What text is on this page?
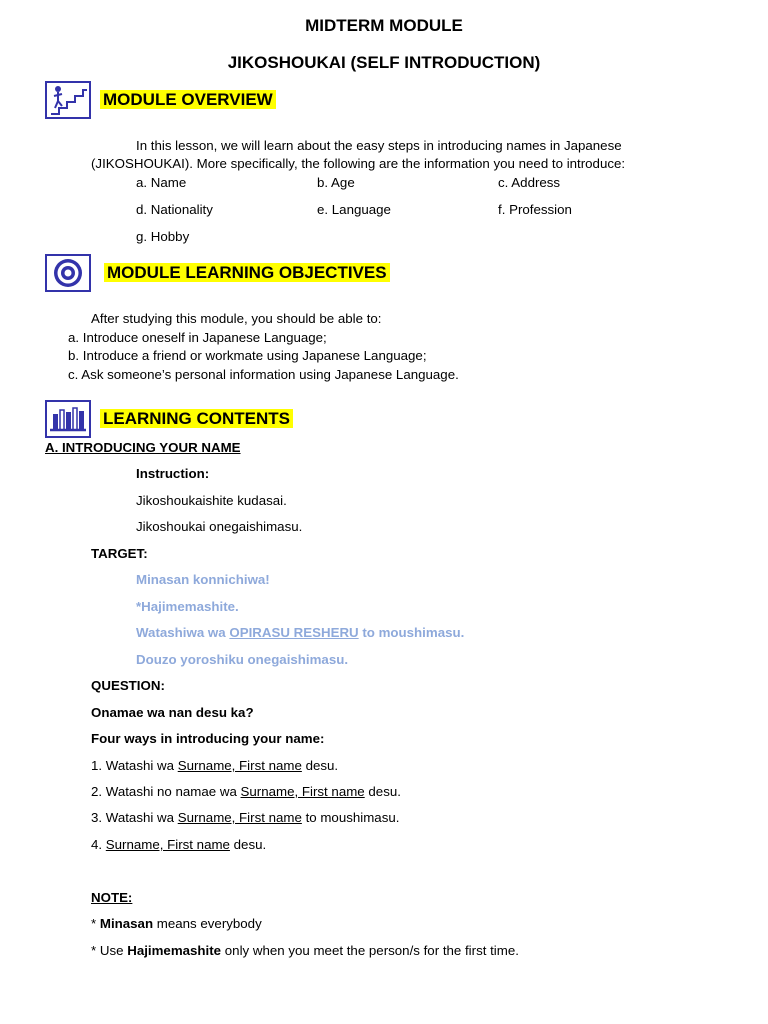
MIDTERM MODULE
JIKOSHOUKAI (SELF INTRODUCTION)
MODULE OVERVIEW
In this lesson, we will learn about the easy steps in introducing names in Japanese
(JIKOSHOUKAI). More specifically, the following are the information you need to introduce:
a. Name	b. Age	c. Address
d. Nationality	e. Language	f. Profession
g. Hobby
MODULE LEARNING OBJECTIVES
After studying this module, you should be able to:
a. Introduce oneself in Japanese Language;
b. Introduce a friend or workmate using Japanese Language;
c. Ask someone’s personal information using Japanese Language.
LEARNING CONTENTS
A. INTRODUCING YOUR NAME
Instruction:
Jikoshoukaishite kudasai.
Jikoshoukai onegaishimasu.
TARGET:
Minasan konnichiwa!
*Hajimemashite.
Watashiwa wa OPIRASU RESHERU to moushimasu.
Douzo yoroshiku onegaishimasu.
QUESTION:
Onamae wa nan desu ka?
Four ways in introducing your name:
1. Watashi wa Surname, First name desu.
2. Watashi no namae wa Surname, First name desu.
3. Watashi wa Surname, First name to moushimasu.
4. Surname, First name desu.
NOTE:
* Minasan means everybody
* Use Hajimemashite only when you meet the person/s for the first time.
